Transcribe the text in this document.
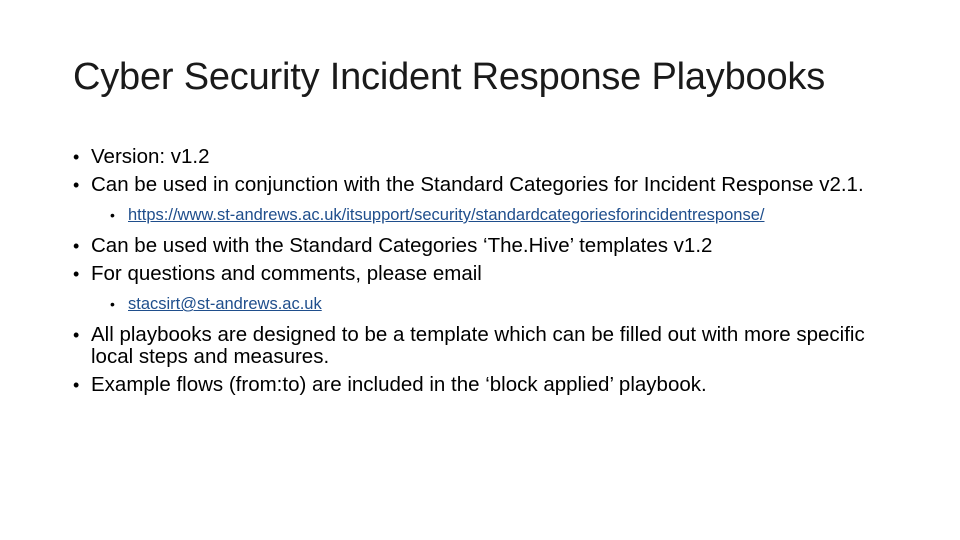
Cyber Security Incident Response Playbooks

• Version: v1.2

• Can be used in conjunction with the Standard Categories for Incident Response v2.1.

• https://www.st-andrews.ac.uk/itsupport/security/standardcategoriesforincidentresponse/

• Can be used with the Standard Categories ‘The.Hive’ templates v1.2

• For questions and comments, please email

• stacsirt@st-andrews.ac.uk

• All playbooks are designed to be a template which can be filled out with more specific local steps and measures.

• Example flows (from:to) are included in the ‘block applied’ playbook.
